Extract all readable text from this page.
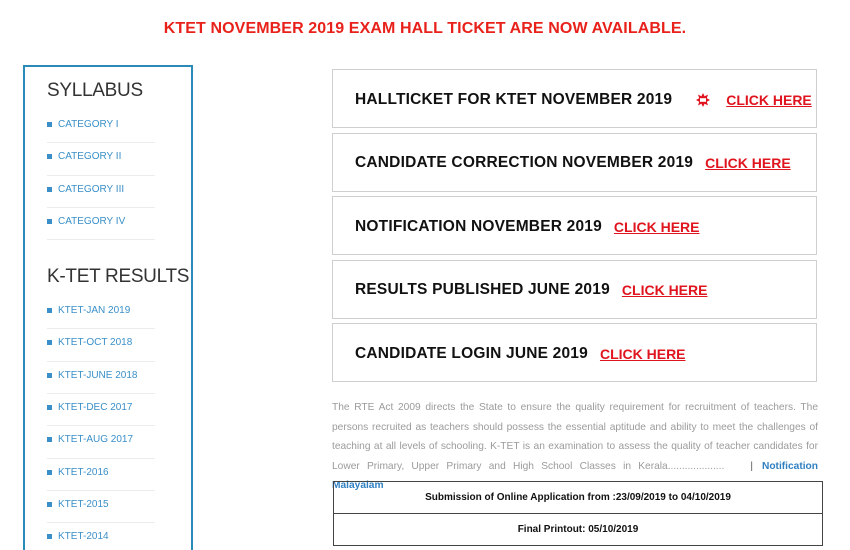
KTET NOVEMBER 2019 EXAM HALL TICKET ARE NOW AVAILABLE.
SYLLABUS
CATEGORY I
CATEGORY II
CATEGORY III
CATEGORY IV
K-TET RESULTS
KTET-JAN 2019
KTET-OCT 2018
KTET-JUNE 2018
KTET-DEC 2017
KTET-AUG 2017
KTET-2016
KTET-2015
KTET-2014
HALLTICKET FOR KTET NOVEMBER 2019	CLICK HERE
CANDIDATE CORRECTION NOVEMBER 2019 CLICK HERE
NOTIFICATION NOVEMBER 2019 CLICK HERE
RESULTS PUBLISHED JUNE 2019 CLICK HERE
CANDIDATE LOGIN JUNE 2019 CLICK HERE

The RTE Act 2009 directs the State to ensure the quality requirement for recruitment of teachers. The persons recruited as teachers should possess the essential aptitude and ability to meet the challenges of teaching at all levels of schooling. K-TET is an examination to assess the quality of teacher candidates for Lower Primary, Upper Primary and High School Classes in Kerala....................	| Notification Malayalam

Submission of Online Application from :23/09/2019 to 04/10/2019
Final Printout: 05/10/2019
